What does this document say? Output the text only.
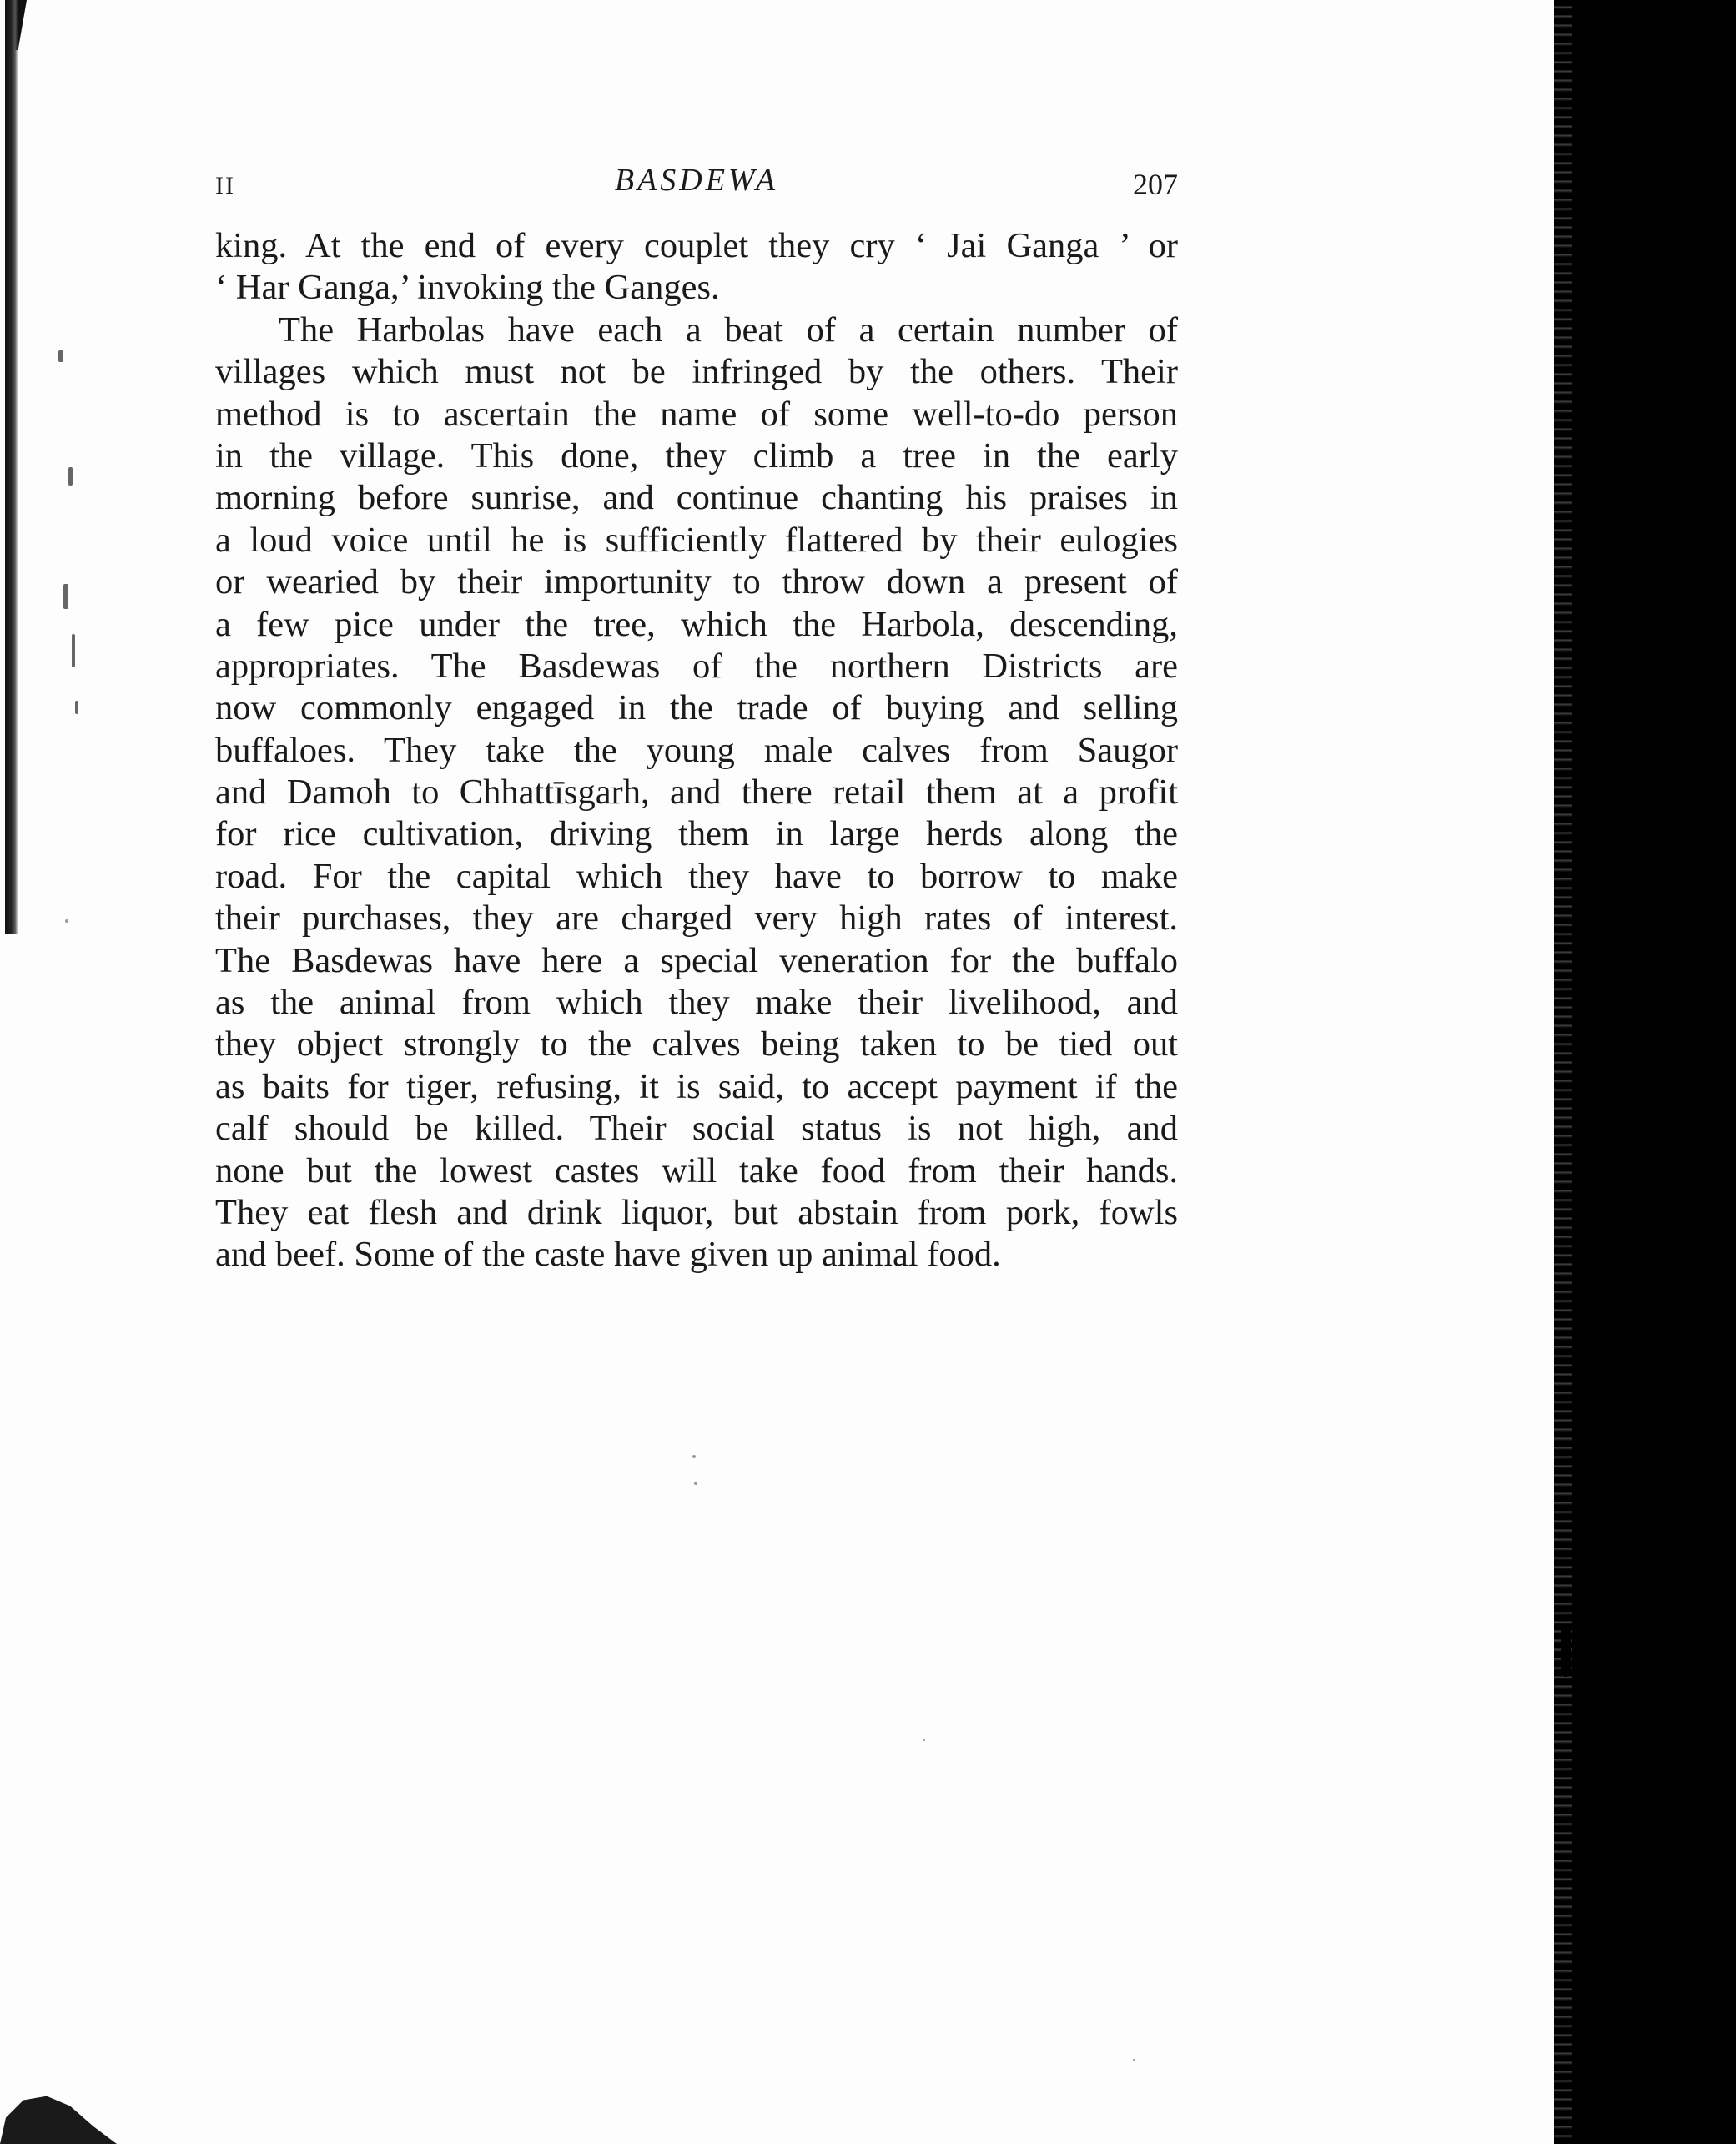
II	BASDEWA	207
king. At the end of every couplet they cry ‘ Jai Ganga ’ or
‘ Har Ganga,’ invoking the Ganges.
The Harbolas have each a beat of a certain number of
villages which must not be infringed by the others. Their
method is to ascertain the name of some well-to-do person
in the village. This done, they climb a tree in the early
morning before sunrise, and continue chanting his praises in
a loud voice until he is sufficiently flattered by their eulogies
or wearied by their importunity to throw down a present of
a few pice under the tree, which the Harbola, descending,
appropriates. The Basdewas of the northern Districts are
now commonly engaged in the trade of buying and selling
buffaloes. They take the young male calves from Saugor
and Damoh to Chhattīsgarh, and there retail them at a profit
for rice cultivation, driving them in large herds along the
road. For the capital which they have to borrow to make
their purchases, they are charged very high rates of interest.
The Basdewas have here a special veneration for the buffalo
as the animal from which they make their livelihood, and
they object strongly to the calves being taken to be tied out
as baits for tiger, refusing, it is said, to accept payment if the
calf should be killed. Their social status is not high, and
none but the lowest castes will take food from their hands.
They eat flesh and drink liquor, but abstain from pork, fowls
and beef. Some of the caste have given up animal food.
